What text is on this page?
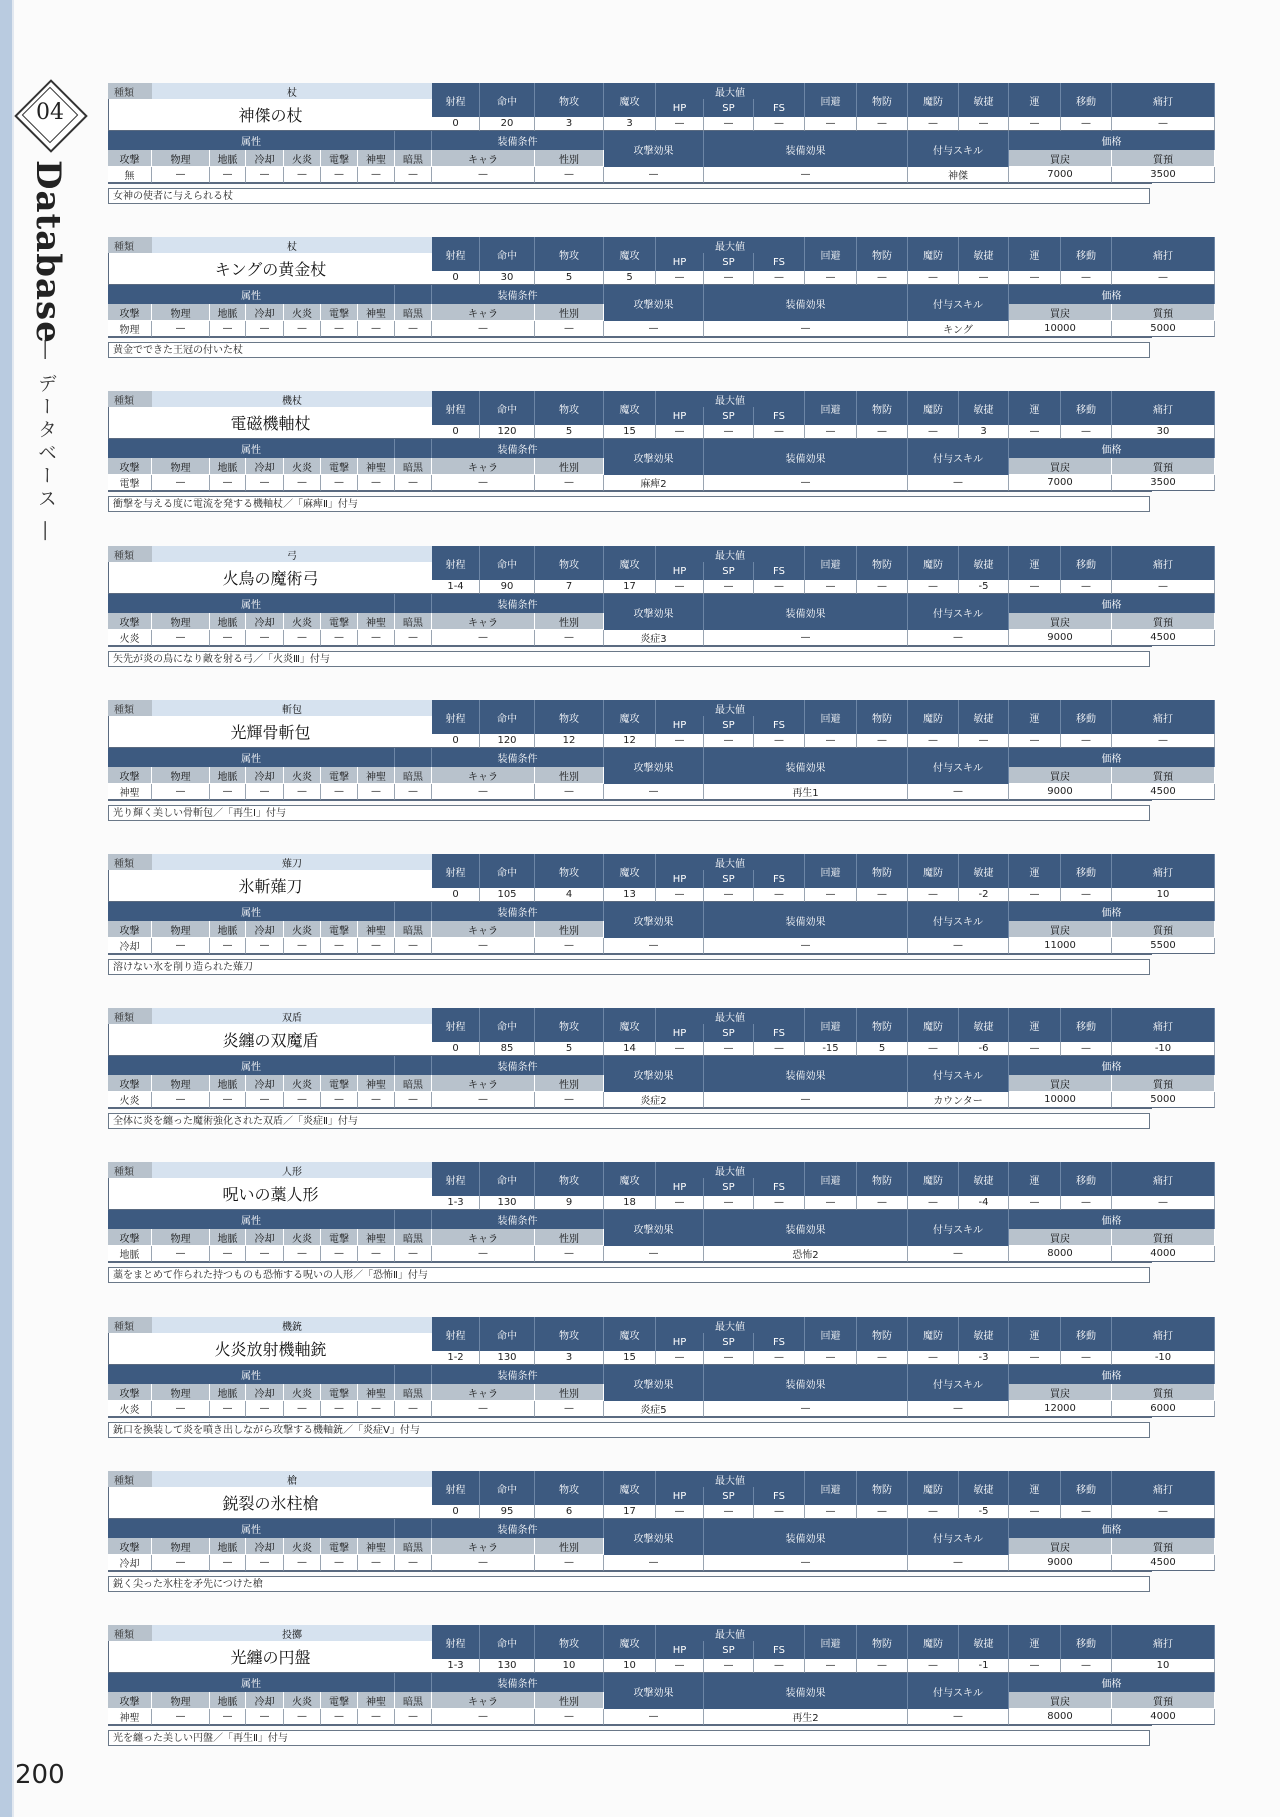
04
Database
― データベース ―
種類	杖
神傑の杖
射程	命中	物攻	魔攻
最大値
HP	SP	FS
回避	物防	魔防	敏捷	運	移動	痛打
0	20	3	3	—	—	—	—	—	—	—	—	—	—
属性
攻撃	物理	地脈	冷却	火炎	電撃	神聖	暗黒
装備条件
キャラ	性別
攻撃効果	装備効果	付与スキル
価格
買戻	質預
無	—	—	—	—	—	—	—	—	—	—	—	神傑	7000	3500
女神の使者に与えられる杖
種類	杖
キングの黄金杖
射程	命中	物攻	魔攻
最大値
HP	SP	FS
回避	物防	魔防	敏捷	運	移動	痛打
0	30	5	5	—	—	—	—	—	—	—	—	—	—
属性
攻撃	物理	地脈	冷却	火炎	電撃	神聖	暗黒
装備条件
キャラ	性別
攻撃効果	装備効果	付与スキル
価格
買戻	質預
物理	—	—	—	—	—	—	—	—	—	—	—	キング	10000	5000
黄金でできた王冠の付いた杖
種類	機杖
電磁機軸杖
射程	命中	物攻	魔攻
最大値
HP	SP	FS
回避	物防	魔防	敏捷	運	移動	痛打
0	120	5	15	—	—	—	—	—	—	3	—	—	30
属性
攻撃	物理	地脈	冷却	火炎	電撃	神聖	暗黒
装備条件
キャラ	性別
攻撃効果	装備効果	付与スキル
価格
買戻	質預
電撃	—	—	—	—	—	—	—	—	—	麻痺2	—	—	7000	3500
衝撃を与える度に電流を発する機軸杖／「麻痺Ⅱ」付与
種類	弓
火鳥の魔術弓
射程	命中	物攻	魔攻
最大値
HP	SP	FS
回避	物防	魔防	敏捷	運	移動	痛打
1-4	90	7	17	—	—	—	—	—	—	-5	—	—	—
属性
攻撃	物理	地脈	冷却	火炎	電撃	神聖	暗黒
装備条件
キャラ	性別
攻撃効果	装備効果	付与スキル
価格
買戻	質預
火炎	—	—	—	—	—	—	—	—	—	炎症3	—	—	9000	4500
矢先が炎の鳥になり敵を射る弓／「火炎Ⅲ」付与
種類	斬包
光輝骨斬包
射程	命中	物攻	魔攻
最大値
HP	SP	FS
回避	物防	魔防	敏捷	運	移動	痛打
0	120	12	12	—	—	—	—	—	—	—	—	—	—
属性
攻撃	物理	地脈	冷却	火炎	電撃	神聖	暗黒
装備条件
キャラ	性別
攻撃効果	装備効果	付与スキル
価格
買戻	質預
神聖	—	—	—	—	—	—	—	—	—	—	再生1	—	9000	4500
光り輝く美しい骨斬包／「再生Ⅰ」付与
種類	薙刀
氷斬薙刀
射程	命中	物攻	魔攻
最大値
HP	SP	FS
回避	物防	魔防	敏捷	運	移動	痛打
0	105	4	13	—	—	—	—	—	—	-2	—	—	10
属性
攻撃	物理	地脈	冷却	火炎	電撃	神聖	暗黒
装備条件
キャラ	性別
攻撃効果	装備効果	付与スキル
価格
買戻	質預
冷却	—	—	—	—	—	—	—	—	—	—	—	—	11000	5500
溶けない氷を削り造られた薙刀
種類	双盾
炎纏の双魔盾
射程	命中	物攻	魔攻
最大値
HP	SP	FS
回避	物防	魔防	敏捷	運	移動	痛打
0	85	5	14	—	—	—	-15	5	—	-6	—	—	-10
属性
攻撃	物理	地脈	冷却	火炎	電撃	神聖	暗黒
装備条件
キャラ	性別
攻撃効果	装備効果	付与スキル
価格
買戻	質預
火炎	—	—	—	—	—	—	—	—	—	炎症2	—	カウンター	10000	5000
全体に炎を纏った魔術強化された双盾／「炎症Ⅱ」付与
種類	人形
呪いの藁人形
射程	命中	物攻	魔攻
最大値
HP	SP	FS
回避	物防	魔防	敏捷	運	移動	痛打
1-3	130	9	18	—	—	—	—	—	—	-4	—	—	—
属性
攻撃	物理	地脈	冷却	火炎	電撃	神聖	暗黒
装備条件
キャラ	性別
攻撃効果	装備効果	付与スキル
価格
買戻	質預
地脈	—	—	—	—	—	—	—	—	—	—	恐怖2	—	8000	4000
藁をまとめて作られた持つものも恐怖する呪いの人形／「恐怖Ⅱ」付与
種類	機銃
火炎放射機軸銃
射程	命中	物攻	魔攻
最大値
HP	SP	FS
回避	物防	魔防	敏捷	運	移動	痛打
1-2	130	3	15	—	—	—	—	—	—	-3	—	—	-10
属性
攻撃	物理	地脈	冷却	火炎	電撃	神聖	暗黒
装備条件
キャラ	性別
攻撃効果	装備効果	付与スキル
価格
買戻	質預
火炎	—	—	—	—	—	—	—	—	—	炎症5	—	—	12000	6000
銃口を換装して炎を噴き出しながら攻撃する機軸銃／「炎症Ⅴ」付与
種類	槍
鋭裂の氷柱槍
射程	命中	物攻	魔攻
最大値
HP	SP	FS
回避	物防	魔防	敏捷	運	移動	痛打
0	95	6	17	—	—	—	—	—	—	-5	—	—	—
属性
攻撃	物理	地脈	冷却	火炎	電撃	神聖	暗黒
装備条件
キャラ	性別
攻撃効果	装備効果	付与スキル
価格
買戻	質預
冷却	—	—	—	—	—	—	—	—	—	—	—	—	9000	4500
鋭く尖った氷柱を矛先につけた槍
種類	投擲
光纏の円盤
射程	命中	物攻	魔攻
最大値
HP	SP	FS
回避	物防	魔防	敏捷	運	移動	痛打
1-3	130	10	10	—	—	—	—	—	—	-1	—	—	10
属性
攻撃	物理	地脈	冷却	火炎	電撃	神聖	暗黒
装備条件
キャラ	性別
攻撃効果	装備効果	付与スキル
価格
買戻	質預
神聖	—	—	—	—	—	—	—	—	—	—	再生2	—	8000	4000
光を纏った美しい円盤／「再生Ⅱ」付与
200
